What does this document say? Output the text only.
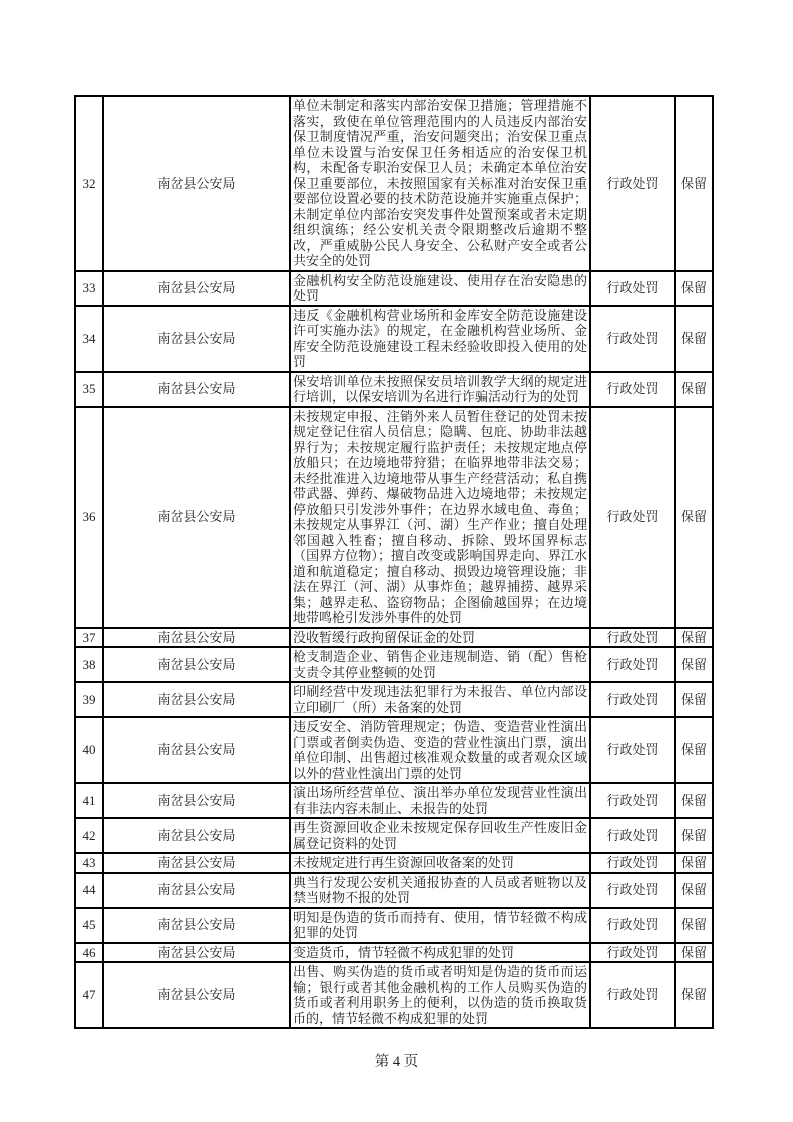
32	南岔县公安局	单位未制定和落实内部治安保卫措施；管理措施不落实，致使在单位管理范围内的人员违反内部治安保卫制度情况严重，治安问题突出；治安保卫重点单位未设置与治安保卫任务相适应的治安保卫机构，未配备专职治安保卫人员；未确定本单位治安保卫重要部位，未按照国家有关标准对治安保卫重要部位设置必要的技术防范设施并实施重点保护；未制定单位内部治安突发事件处置预案或者未定期组织演练；经公安机关责令限期整改后逾期不整改，严重威胁公民人身安全、公私财产安全或者公共安全的处罚	行政处罚	保留
33	南岔县公安局	金融机构安全防范设施建设、使用存在治安隐患的处罚	行政处罚	保留
34	南岔县公安局	违反《金融机构营业场所和金库安全防范设施建设许可实施办法》的规定，在金融机构营业场所、金库安全防范设施建设工程未经验收即投入使用的处罚	行政处罚	保留
35	南岔县公安局	保安培训单位未按照保安员培训教学大纲的规定进行培训，以保安培训为名进行诈骗活动行为的处罚	行政处罚	保留
36	南岔县公安局	未按规定申报、注销外来人员暂住登记的处罚未按规定登记住宿人员信息；隐瞒、包庇、协助非法越界行为；未按规定履行监护责任；未按规定地点停放船只；在边境地带狩猎；在临界地带非法交易；未经批准进入边境地带从事生产经营活动；私自携带武器、弹药、爆破物品进入边境地带；未按规定停放船只引发涉外事件；在边界水域电鱼、毒鱼；未按规定从事界江（河、湖）生产作业；擅自处理邻国越入牲畜；擅自移动、拆除、毁坏国界标志（国界方位物）；擅自改变或影响国界走向、界江水道和航道稳定；擅自移动、损毁边境管理设施；非法在界江（河、湖）从事炸鱼；越界捕捞、越界采集；越界走私、盗窃物品；企图偷越国界；在边境地带鸣枪引发涉外事件的处罚	行政处罚	保留
37	南岔县公安局	没收暂缓行政拘留保证金的处罚	行政处罚	保留
38	南岔县公安局	枪支制造企业、销售企业违规制造、销（配）售枪支责令其停业整顿的处罚	行政处罚	保留
39	南岔县公安局	印刷经营中发现违法犯罪行为未报告、单位内部设立印刷厂（所）未备案的处罚	行政处罚	保留
40	南岔县公安局	违反安全、消防管理规定；伪造、变造营业性演出门票或者倒卖伪造、变造的营业性演出门票，演出单位印制、出售超过核准观众数量的或者观众区域以外的营业性演出门票的处罚	行政处罚	保留
41	南岔县公安局	演出场所经营单位、演出举办单位发现营业性演出有非法内容未制止、未报告的处罚	行政处罚	保留
42	南岔县公安局	再生资源回收企业未按规定保存回收生产性废旧金属登记资料的处罚	行政处罚	保留
43	南岔县公安局	未按规定进行再生资源回收备案的处罚	行政处罚	保留
44	南岔县公安局	典当行发现公安机关通报协查的人员或者赃物以及禁当财物不报的处罚	行政处罚	保留
45	南岔县公安局	明知是伪造的货币而持有、使用，情节轻微不构成犯罪的处罚	行政处罚	保留
46	南岔县公安局	变造货币，情节轻微不构成犯罪的处罚	行政处罚	保留
47	南岔县公安局	出售、购买伪造的货币或者明知是伪造的货币而运输；银行或者其他金融机构的工作人员购买伪造的货币或者利用职务上的便利，以伪造的货币换取货币的，情节轻微不构成犯罪的处罚	行政处罚	保留
第 4 页
